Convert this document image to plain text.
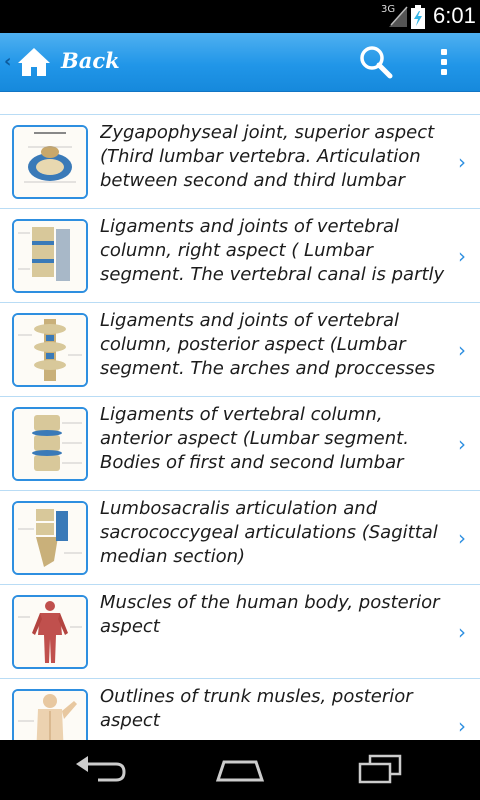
3G 6:01
‹ Back
Zygapophyseal joint, superior aspect (Third lumbar vertebra. Articulation between second and third lumbar
›
Ligaments and joints of vertebral column, right aspect ( Lumbar segment. The vertebral canal is partly
›
Ligaments and joints of vertebral column, posterior aspect (Lumbar segment. The arches and proccesses
›
Ligaments of vertebral column, anterior aspect (Lumbar segment. Bodies of first and second lumbar
›
Lumbosacralis articulation and sacrococcygeal articulations (Sagittal median section)
›
Muscles of the human body, posterior aspect	›
Outlines of trunk musles, posterior aspect	›
